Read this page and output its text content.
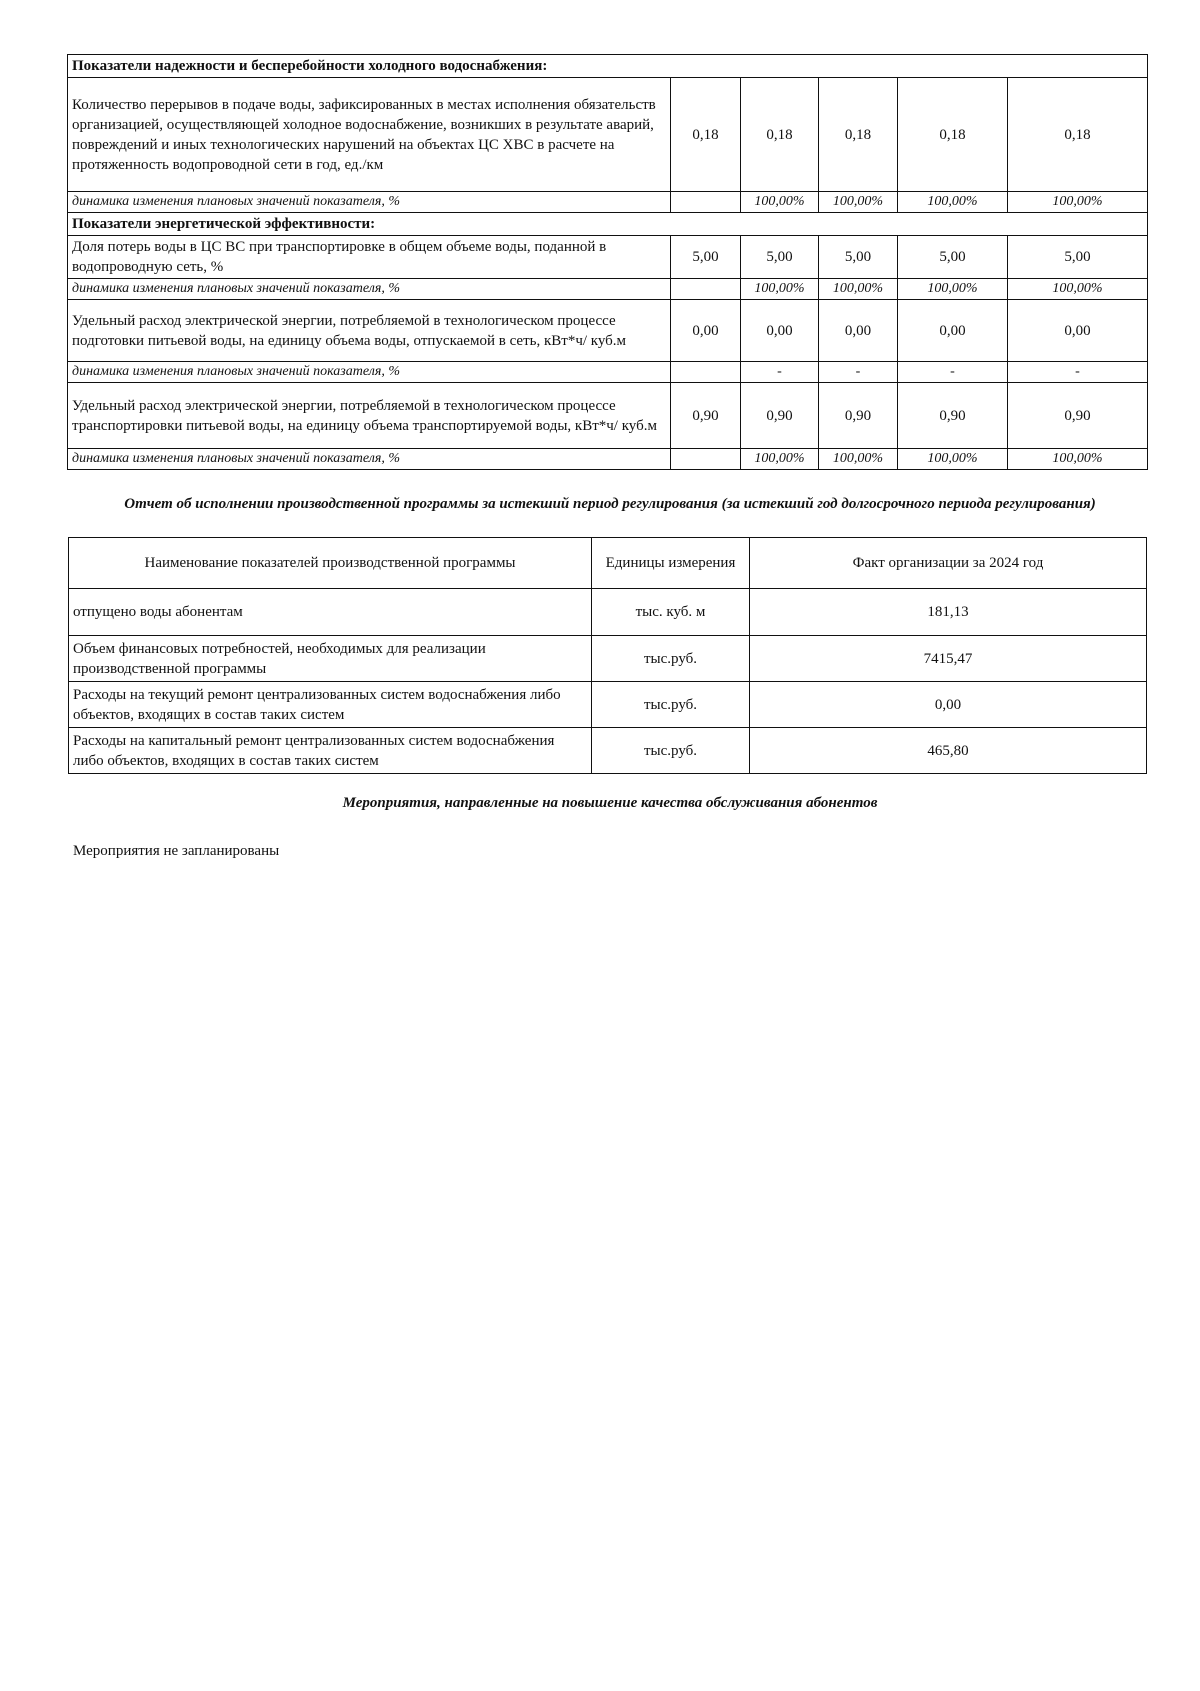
Показатели надежности и бесперебойности холодного водоснабжения:					
Количество перерывов в подаче воды, зафиксированных в местах исполнения обязательств организацией, осуществляющей холодное водоснабжение, возникших в результате аварий, повреждений и иных технологических нарушений на объектах ЦС ХВС в расчете на протяженность водопроводной сети в год, ед./км	0,18	0,18	0,18	0,18	0,18
динамика изменения плановых значений показателя, %		100,00%	100,00%	100,00%	100,00%
Показатели энергетической эффективности:					
Доля потерь воды в ЦС ВС при транспортировке в общем объеме воды, поданной в водопроводную сеть, %	5,00	5,00	5,00	5,00	5,00
динамика изменения плановых значений показателя, %		100,00%	100,00%	100,00%	100,00%
Удельный расход электрической энергии, потребляемой в технологическом процессе подготовки питьевой воды, на единицу объема воды, отпускаемой в сеть, кВт*ч/ куб.м	0,00	0,00	0,00	0,00	0,00
динамика изменения плановых значений показателя, %		-	-	-	-
Удельный расход электрической энергии, потребляемой в технологическом процессе транспортировки питьевой воды, на единицу объема транспортируемой воды, кВт*ч/ куб.м	0,90	0,90	0,90	0,90	0,90
динамика изменения плановых значений показателя, %		100,00%	100,00%	100,00%	100,00%
Отчет об исполнении производственной программы за истекший период регулирования (за истекший год долгосрочного периода регулирования)
Наименование показателей производственной программы	Единицы измерения	Факт организации за 2024 год
отпущено воды абонентам	тыс. куб. м	181,13
Объем финансовых потребностей, необходимых для реализации производственной программы	тыс.руб.	7415,47
Расходы на текущий ремонт централизованных систем водоснабжения либо объектов, входящих в состав таких систем	тыс.руб.	0,00
Расходы на капитальный ремонт централизованных систем водоснабжения либо объектов, входящих в состав таких систем	тыс.руб.	465,80
Мероприятия, направленные на повышение качества обслуживания абонентов
Мероприятия не запланированы
